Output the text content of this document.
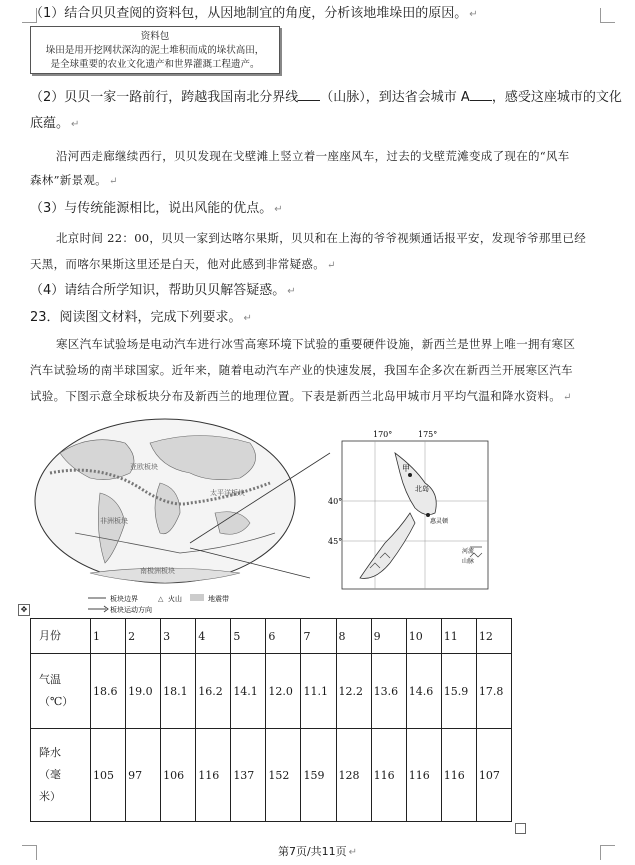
（1）结合贝贝查阅的资料包，从因地制宜的角度，分析该地堆垛田的原因。 ↵
资料包
垛田是用开挖网状深沟的泥土堆积而成的垛状高田，
是全球重要的农业文化遗产和世界灌溉工程遗产。
（2）贝贝一家一路前行，跨越我国南北分界线 （山脉），到达省会城市 A ，感受这座城市的文化
底蕴。 ↵
沿河西走廊继续西行，贝贝发现在戈壁滩上竖立着一座座风车，过去的戈壁荒滩变成了现在的“风车
森林”新景观。 ↵
（3）与传统能源相比，说出风能的优点。 ↵
北京时间 22：00，贝贝一家到达喀尔果斯，贝贝和在上海的爷爷视频通话报平安，发现爷爷那里已经
天黑，而喀尔果斯这里还是白天，他对此感到非常疑惑。 ↵
（4）请结合所学知识，帮助贝贝解答疑惑。 ↵
23．阅读图文材料，完成下列要求。 ↵
寒区汽车试验场是电动汽车进行冰雪高寒环境下试验的重要硬件设施，新西兰是世界上唯一拥有寒区
汽车试验场的南半球国家。近年来，随着电动汽车产业的快速发展，我国车企多次在新西兰开展寒区汽车
试验。下图示意全球板块分布及新西兰的地理位置。下表是新西兰北岛甲城市月平均气温和降水资料。 ↵
亚欧板块
非洲板块
太平洋板块
南极洲板块
170°	175°
40°
45°
甲
北岛
惠灵顿
河流
山脉
板块边界	△ 火山	地震带
板块运动方向
✥
月份	1	2	3	4	5	6	7	8	9	10	11	12

气温
（℃）	18.6	19.0	18.1	16.2	14.1	12.0	11.1	12.2	13.6	14.6	15.9	17.8

降水
（毫
米）	105	97	106	116	137	152	159	128	116	116	116	107
第7页/共11页 ↵
